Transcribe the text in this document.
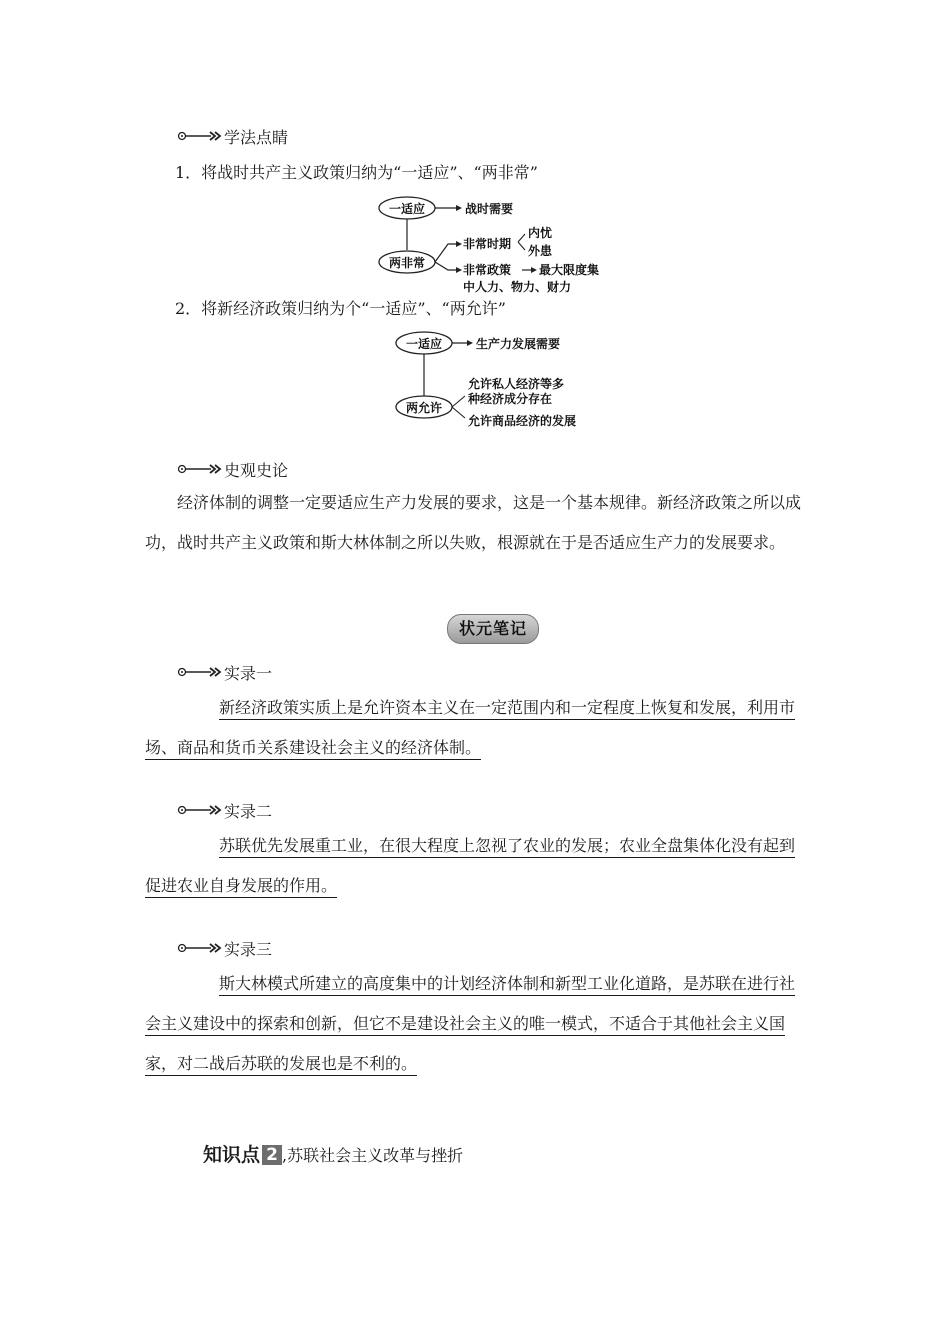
学法点睛
1．将战时共产主义政策归纳为“一适应”、“两非常”
一适应	战时需要
两非常
非常时期
内忧
外患
非常政策 最大限度集
中人力、物力、财力
2．将新经济政策归纳为个“一适应”、“两允许”
一适应	生产力发展需要
两允许
允许私人经济等多
种经济成分存在
允许商品经济的发展
史观史论
经济体制的调整一定要适应生产力发展的要求，这是一个基本规律。新经济政策之所以成功，战时共产主义政策和斯大林体制之所以失败，根源就在于是否适应生产力的发展要求。
状元笔记
实录一

新经济政策实质上是允许资本主义在一定范围内和一定程度上恢复和发展，利用市场、商品和货币关系建设社会主义的经济体制。

实录二

苏联优先发展重工业，在很大程度上忽视了农业的发展；农业全盘集体化没有起到促进农业自身发展的作用。

实录三

斯大林模式所建立的高度集中的计划经济体制和新型工业化道路，是苏联在进行社会主义建设中的探索和创新，但它不是建设社会主义的唯一模式，不适合于其他社会主义国家，对二战后苏联的发展也是不利的。

知识点 2 ,苏联社会主义改革与挫折
